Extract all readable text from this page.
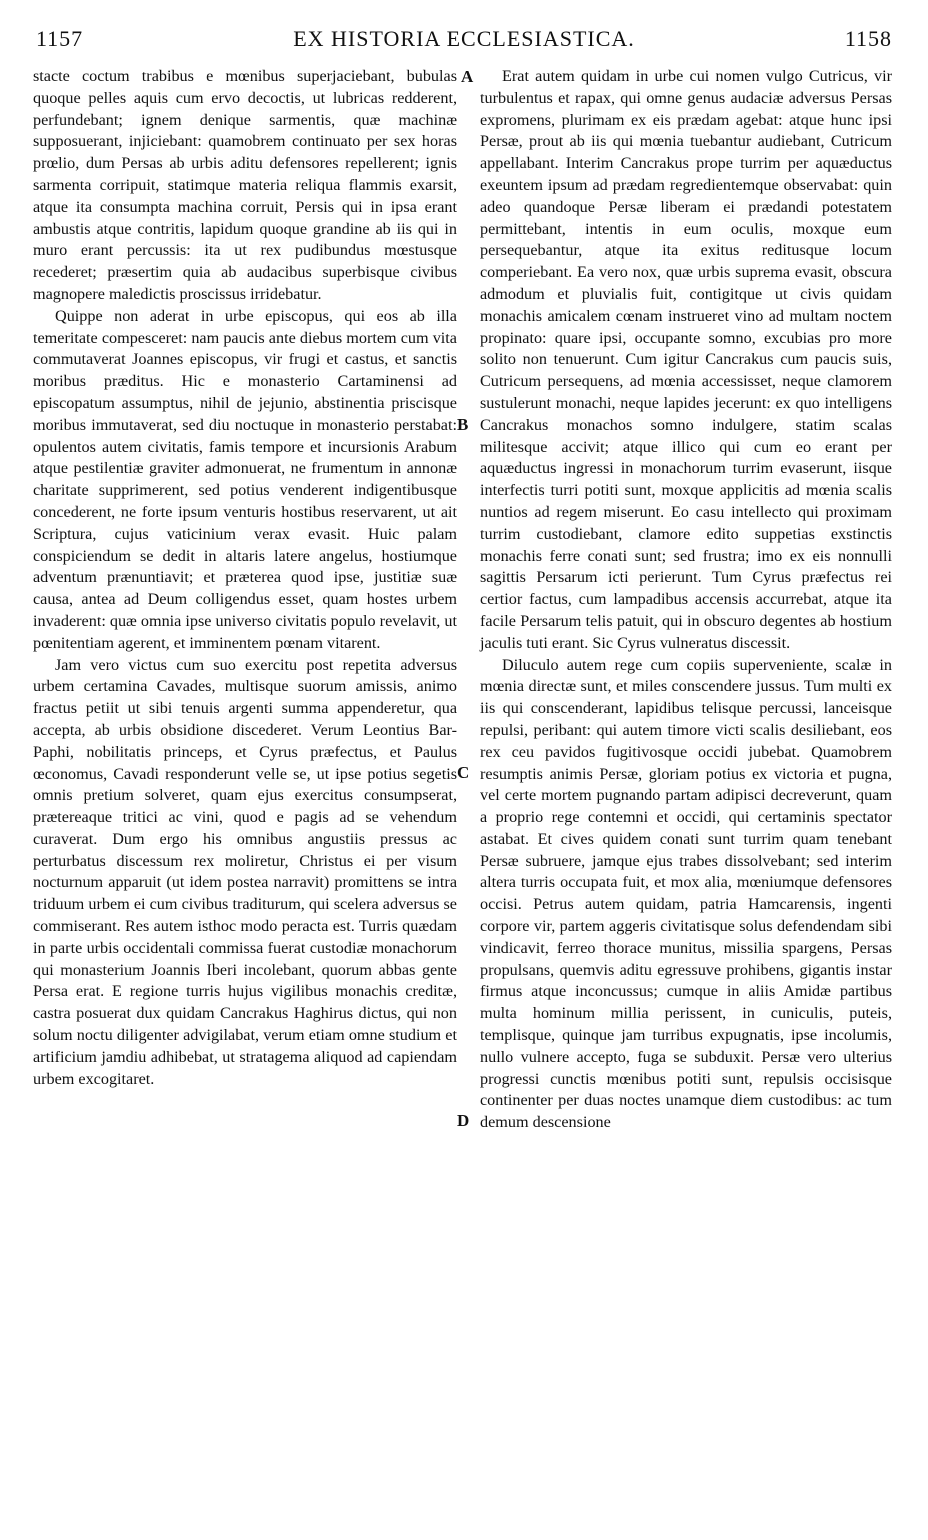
1157	EX HISTORIA ECCLESIASTICA.	1158

stacte coctum trabibus e mœnibus superjaciebant, bubulas quoque pelles aquis cum ervo decoctis, ut lubricas redderent, perfundebant; ignem denique sarmentis, quæ machinæ supposuerant, injiciebant: quamobrem continuato per sex horas prœlio, dum Persas ab urbis aditu defensores repellerent; ignis sarmenta corripuit, statimque materia reliqua flammis exarsit, atque ita consumpta machina corruit, Persis qui in ipsa erant ambustis atque contritis, lapidum quoque grandine ab iis qui in muro erant percussis: ita ut rex pudibundus mœstusque recederet; præsertim quia ab audacibus superbisque civibus magnopere maledictis proscissus irridebatur.

Quippe non aderat in urbe episcopus, qui eos ab illa temeritate compesceret: nam paucis ante diebus mortem cum vita commutaverat Joannes episcopus, vir frugi et castus, et sanctis moribus præditus. Hic e monasterio Cartaminensi ad episcopatum assumptus, nihil de jejunio, abstinentia priscisque moribus immutaverat, sed diu noctuque in monasterio perstabat: opulentos autem civitatis, famis tempore et incursionis Arabum atque pestilentiæ graviter admonuerat, ne frumentum in annonæ charitate supprimerent, sed potius venderent indigentibusque concederent, ne forte ipsum venturis hostibus reservarent, ut ait Scriptura, cujus vaticinium verax evasit. Huic palam conspiciendum se dedit in altaris latere angelus, hostiumque adventum prænuntiavit; et præterea quod ipse, justitiæ suæ causa, antea ad Deum colligendus esset, quam hostes urbem invaderent: quæ omnia ipse universo civitatis populo revelavit, ut pœnitentiam agerent, et imminentem pœnam vitarent.

Jam vero victus cum suo exercitu post repetita adversus urbem certamina Cavades, multisque suorum amissis, animo fractus petiit ut sibi tenuis argenti summa appenderetur, qua accepta, ab urbis obsidione discederet. Verum Leontius Bar-Paphi, nobilitatis princeps, et Cyrus præfectus, et Paulus œconomus, Cavadi responderunt velle se, ut ipse potius segetis omnis pretium solveret, quam ejus exercitus consumpserat, prætereaque tritici ac vini, quod e pagis ad se vehendum curaverat. Dum ergo his omnibus angustiis pressus ac perturbatus discessum rex moliretur, Christus ei per visum nocturnum apparuit (ut idem postea narravit) promittens se intra triduum urbem ei cum civibus traditurum, qui scelera adversus se commiserant. Res autem isthoc modo peracta est. Turris quædam in parte urbis occidentali commissa fuerat custodiæ monachorum qui monasterium Joannis Iberi incolebant, quorum abbas gente Persa erat. E regione turris hujus vigilibus monachis creditæ, castra posuerat dux quidam Cancrakus Haghirus dictus, qui non solum noctu diligenter advigilabat, verum etiam omne studium et artificium jamdiu adhibebat, ut stratagema aliquod ad capiendam urbem excogitaret.

A
B
C
D

Erat autem quidam in urbe cui nomen vulgo Cutricus, vir turbulentus et rapax, qui omne genus audaciæ adversus Persas expromens, plurimam ex eis prædam agebat: atque hunc ipsi Persæ, prout ab iis qui mœnia tuebantur audiebant, Cutricum appellabant. Interim Cancrakus prope turrim per aquæductus exeuntem ipsum ad prædam regredientemque observabat: quin adeo quandoque Persæ liberam ei prædandi potestatem permittebant, intentis in eum oculis, moxque eum persequebantur, atque ita exitus reditusque locum comperiebant. Ea vero nox, quæ urbis suprema evasit, obscura admodum et pluvialis fuit, contigitque ut civis quidam monachis amicalem cœnam instrueret vino ad multam noctem propinato: quare ipsi, occupante somno, excubias pro more solito non tenuerunt. Cum igitur Cancrakus cum paucis suis, Cutricum persequens, ad mœnia accessisset, neque clamorem sustulerunt monachi, neque lapides jecerunt: ex quo intelligens Cancrakus monachos somno indulgere, statim scalas militesque accivit; atque illico qui cum eo erant per aquæductus ingressi in monachorum turrim evaserunt, iisque interfectis turri potiti sunt, moxque applicitis ad mœnia scalis nuntios ad regem miserunt. Eo casu intellecto qui proximam turrim custodiebant, clamore edito suppetias exstinctis monachis ferre conati sunt; sed frustra; imo ex eis nonnulli sagittis Persarum icti perierunt. Tum Cyrus præfectus rei certior factus, cum lampadibus accensis accurrebat, atque ita facile Persarum telis patuit, qui in obscuro degentes ab hostium jaculis tuti erant. Sic Cyrus vulneratus discessit.

Diluculo autem rege cum copiis superveniente, scalæ in mœnia directæ sunt, et miles conscendere jussus. Tum multi ex iis qui conscenderant, lapidibus telisque percussi, lanceisque repulsi, peribant: qui autem timore victi scalis desiliebant, eos rex ceu pavidos fugitivosque occidi jubebat. Quamobrem resumptis animis Persæ, gloriam potius ex victoria et pugna, vel certe mortem pugnando partam adipisci decreverunt, quam a proprio rege contemni et occidi, qui certaminis spectator astabat. Et cives quidem conati sunt turrim quam tenebant Persæ subruere, jamque ejus trabes dissolvebant; sed interim altera turris occupata fuit, et mox alia, mœniumque defensores occisi. Petrus autem quidam, patria Hamcarensis, ingenti corpore vir, partem aggeris civitatisque solus defendendam sibi vindicavit, ferreo thorace munitus, missilia spargens, Persas propulsans, quemvis aditu egressuve prohibens, gigantis instar firmus atque inconcussus; cumque in aliis Amidæ partibus multa hominum millia perissent, in cuniculis, puteis, templisque, quinque jam turribus expugnatis, ipse incolumis, nullo vulnere accepto, fuga se subduxit. Persæ vero ulterius progressi cunctis mœnibus potiti sunt, repulsis occisisque continenter per duas noctes unamque diem custodibus: ac tum demum descensione
